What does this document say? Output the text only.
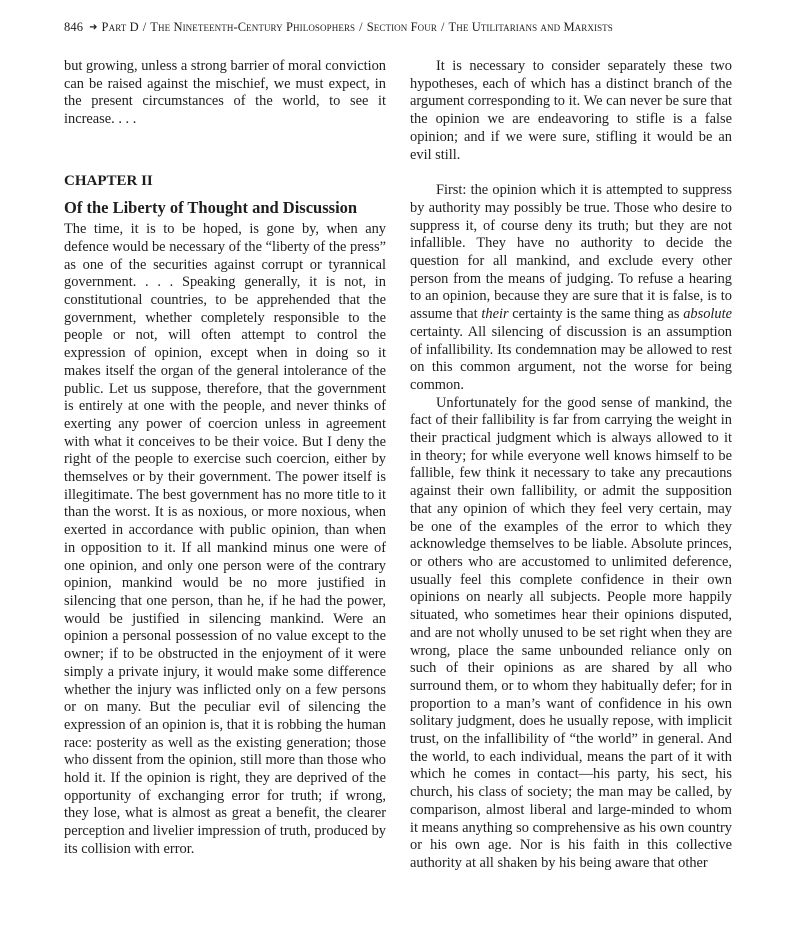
846 ➜ Part D / The Nineteenth-Century Philosophers / Section Four / The Utilitarians and Marxists

but growing, unless a strong barrier of moral conviction can be raised against the mischief, we must expect, in the present circumstances of the world, to see it increase. . . .

CHAPTER II

Of the Liberty of Thought and Discussion

The time, it is to be hoped, is gone by, when any defence would be necessary of the “liberty of the press” as one of the securities against corrupt or tyrannical government. . . . Speaking generally, it is not, in constitutional countries, to be apprehended that the government, whether completely responsible to the people or not, will often attempt to control the expression of opinion, except when in doing so it makes itself the organ of the general intolerance of the public. Let us suppose, therefore, that the government is entirely at one with the people, and never thinks of exerting any power of coercion unless in agreement with what it conceives to be their voice. But I deny the right of the people to exercise such coercion, either by themselves or by their government. The power itself is illegitimate. The best government has no more title to it than the worst. It is as noxious, or more noxious, when exerted in accordance with public opinion, than when in opposition to it. If all mankind minus one were of one opinion, and only one person were of the contrary opinion, mankind would be no more justified in silencing that one person, than he, if he had the power, would be justified in silencing mankind. Were an opinion a personal possession of no value except to the owner; if to be obstructed in the enjoyment of it were simply a private injury, it would make some difference whether the injury was inflicted only on a few persons or on many. But the peculiar evil of silencing the expression of an opinion is, that it is robbing the human race: posterity as well as the existing generation; those who dissent from the opinion, still more than those who hold it. If the opinion is right, they are deprived of the opportunity of exchanging error for truth; if wrong, they lose, what is almost as great a benefit, the clearer perception and livelier impression of truth, produced by its collision with error.

It is necessary to consider separately these two hypotheses, each of which has a distinct branch of the argument corresponding to it. We can never be sure that the opinion we are endeavoring to stifle is a false opinion; and if we were sure, stifling it would be an evil still.

First: the opinion which it is attempted to suppress by authority may possibly be true. Those who desire to suppress it, of course deny its truth; but they are not infallible. They have no authority to decide the question for all mankind, and exclude every other person from the means of judging. To refuse a hearing to an opinion, because they are sure that it is false, is to assume that their certainty is the same thing as absolute certainty. All silencing of discussion is an assumption of infallibility. Its condemnation may be allowed to rest on this common argument, not the worse for being common.

Unfortunately for the good sense of mankind, the fact of their fallibility is far from carrying the weight in their practical judgment which is always allowed to it in theory; for while everyone well knows himself to be fallible, few think it necessary to take any precautions against their own fallibility, or admit the supposition that any opinion of which they feel very certain, may be one of the examples of the error to which they acknowledge themselves to be liable. Absolute princes, or others who are accustomed to unlimited deference, usually feel this complete confidence in their own opinions on nearly all subjects. People more happily situated, who sometimes hear their opinions disputed, and are not wholly unused to be set right when they are wrong, place the same unbounded reliance only on such of their opinions as are shared by all who surround them, or to whom they habitually defer; for in proportion to a man’s want of confidence in his own solitary judgment, does he usually repose, with implicit trust, on the infallibility of “the world” in general. And the world, to each individual, means the part of it with which he comes in contact—his party, his sect, his church, his class of society; the man may be called, by comparison, almost liberal and large-minded to whom it means anything so comprehensive as his own country or his own age. Nor is his faith in this collective authority at all shaken by his being aware that other
